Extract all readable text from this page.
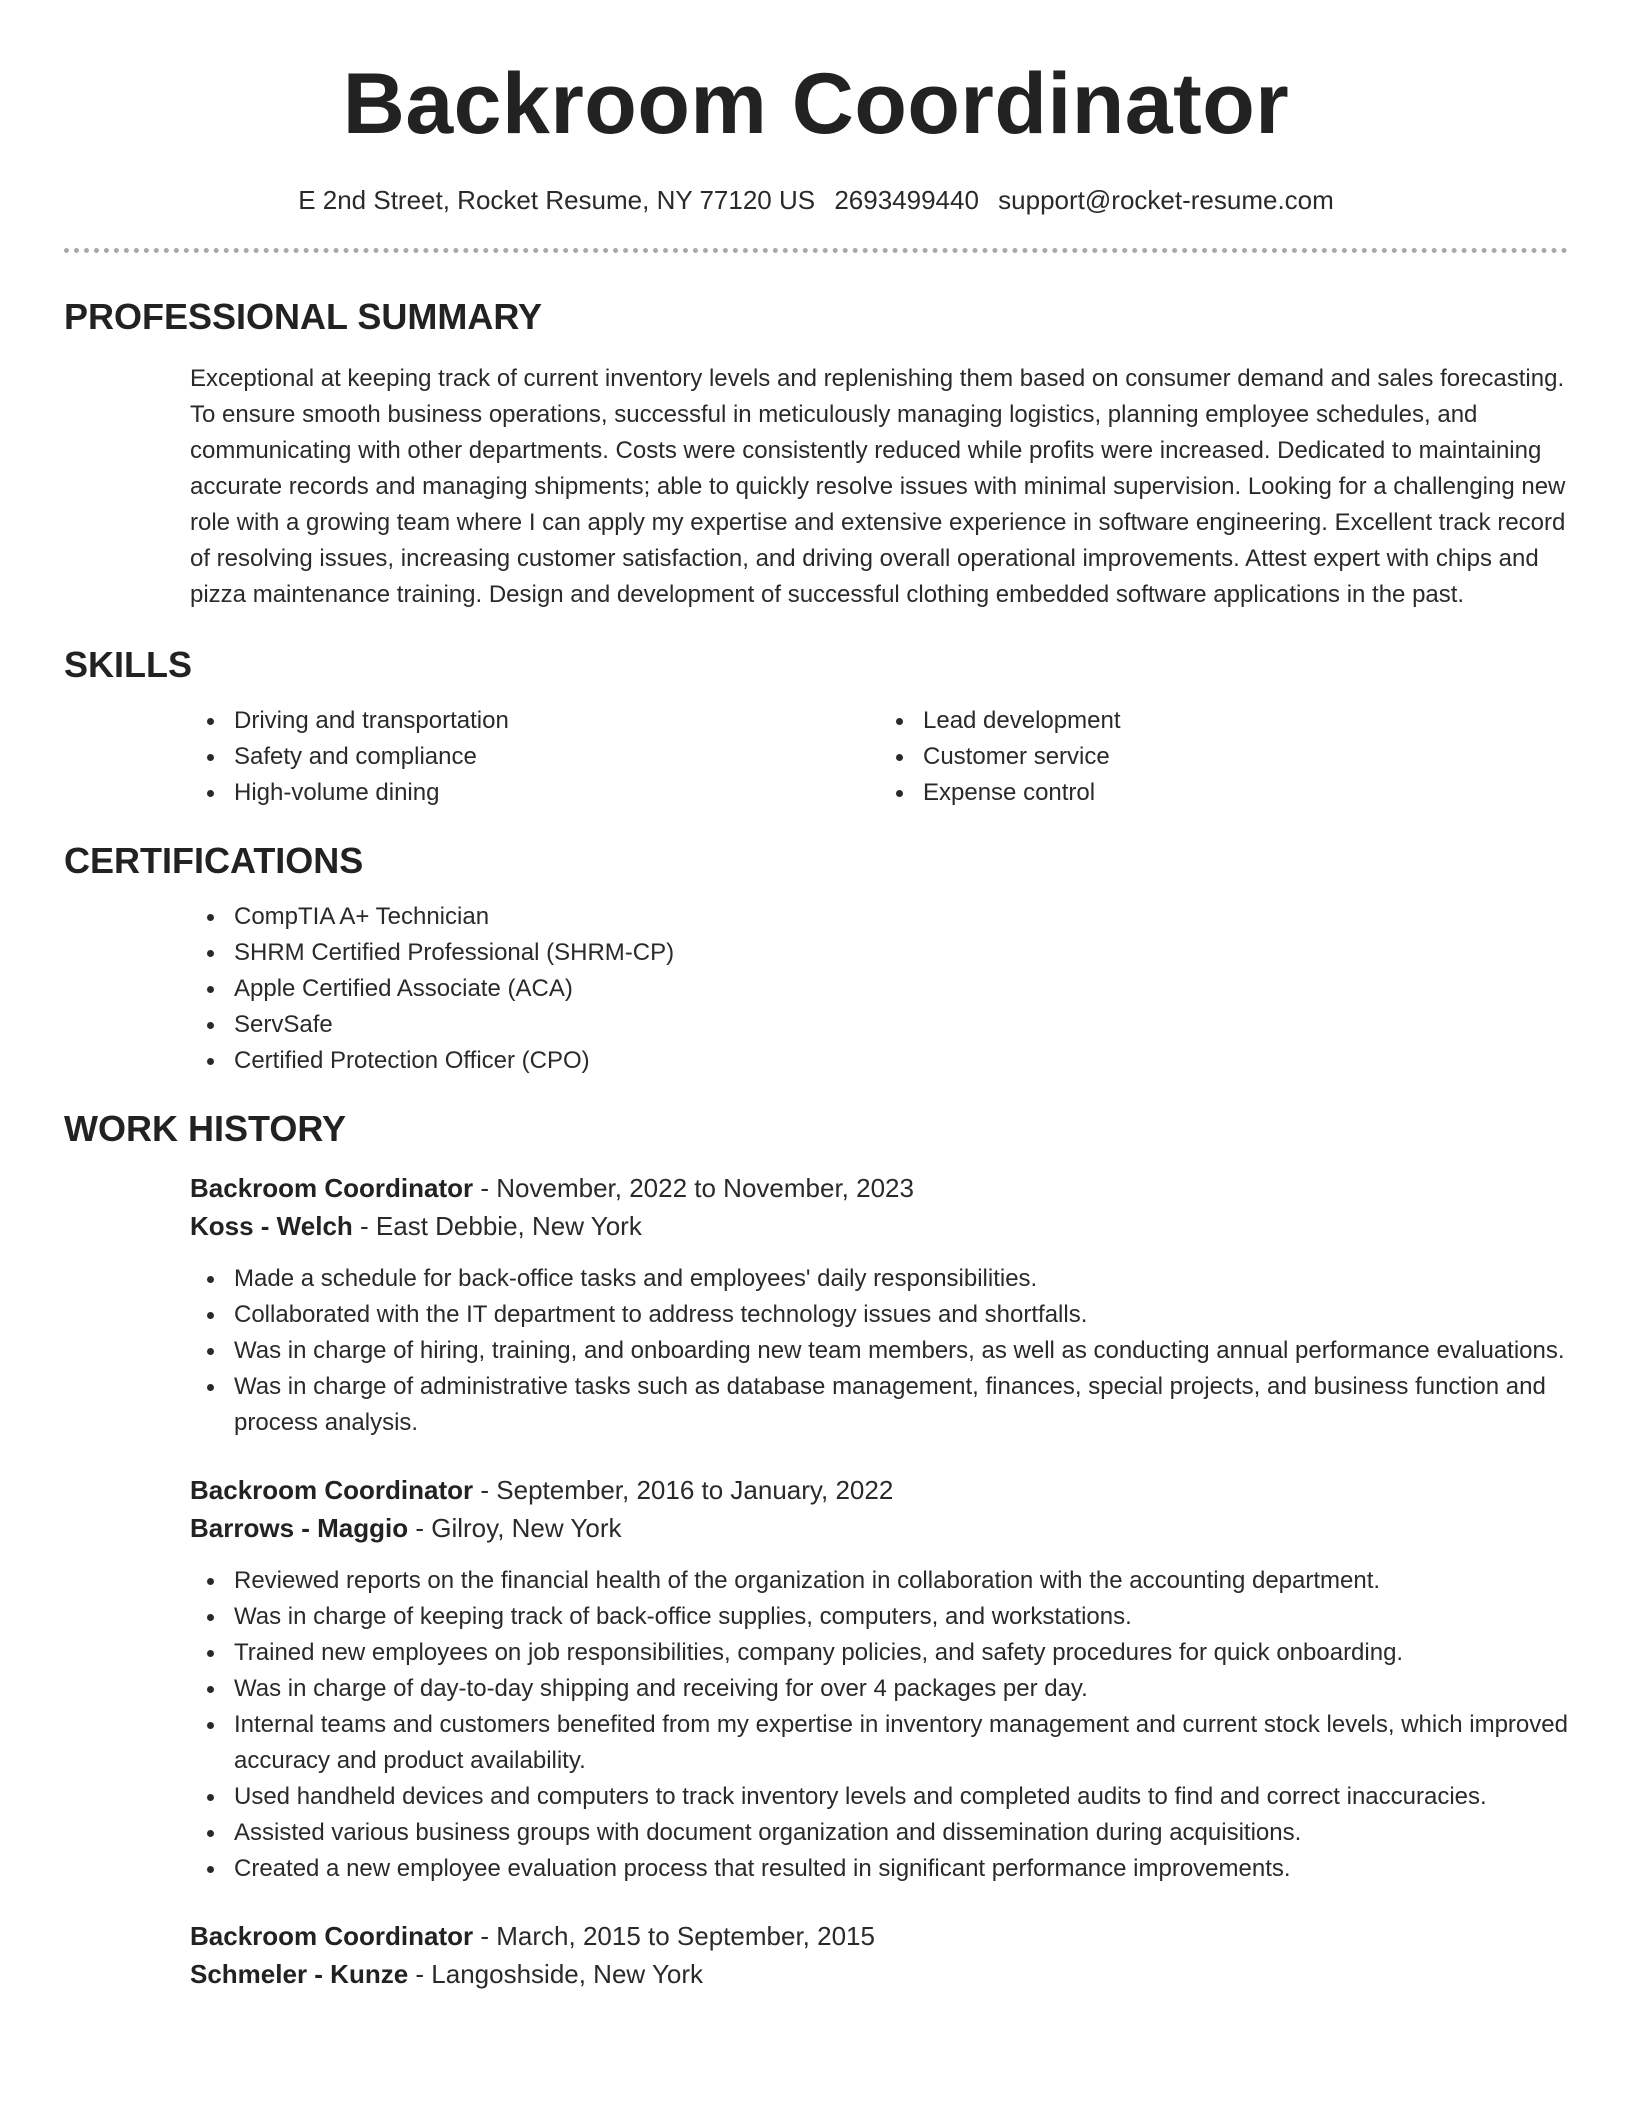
Backroom Coordinator
E 2nd Street, Rocket Resume, NY 77120 US 2693499440 support@rocket-resume.com
PROFESSIONAL SUMMARY
Exceptional at keeping track of current inventory levels and replenishing them based on consumer demand and sales forecasting. To ensure smooth business operations, successful in meticulously managing logistics, planning employee schedules, and communicating with other departments. Costs were consistently reduced while profits were increased. Dedicated to maintaining accurate records and managing shipments; able to quickly resolve issues with minimal supervision. Looking for a challenging new role with a growing team where I can apply my expertise and extensive experience in software engineering. Excellent track record of resolving issues, increasing customer satisfaction, and driving overall operational improvements. Attest expert with chips and pizza maintenance training. Design and development of successful clothing embedded software applications in the past.
SKILLS
Driving and transportation
Safety and compliance
High-volume dining
Lead development
Customer service
Expense control
CERTIFICATIONS
CompTIA A+ Technician
SHRM Certified Professional (SHRM-CP)
Apple Certified Associate (ACA)
ServSafe
Certified Protection Officer (CPO)
WORK HISTORY
Backroom Coordinator - November, 2022 to November, 2023
Koss - Welch - East Debbie, New York
Made a schedule for back-office tasks and employees' daily responsibilities.
Collaborated with the IT department to address technology issues and shortfalls.
Was in charge of hiring, training, and onboarding new team members, as well as conducting annual performance evaluations.
Was in charge of administrative tasks such as database management, finances, special projects, and business function and process analysis.
Backroom Coordinator - September, 2016 to January, 2022
Barrows - Maggio - Gilroy, New York
Reviewed reports on the financial health of the organization in collaboration with the accounting department.
Was in charge of keeping track of back-office supplies, computers, and workstations.
Trained new employees on job responsibilities, company policies, and safety procedures for quick onboarding.
Was in charge of day-to-day shipping and receiving for over 4 packages per day.
Internal teams and customers benefited from my expertise in inventory management and current stock levels, which improved accuracy and product availability.
Used handheld devices and computers to track inventory levels and completed audits to find and correct inaccuracies.
Assisted various business groups with document organization and dissemination during acquisitions.
Created a new employee evaluation process that resulted in significant performance improvements.
Backroom Coordinator - March, 2015 to September, 2015
Schmeler - Kunze - Langoshside, New York
